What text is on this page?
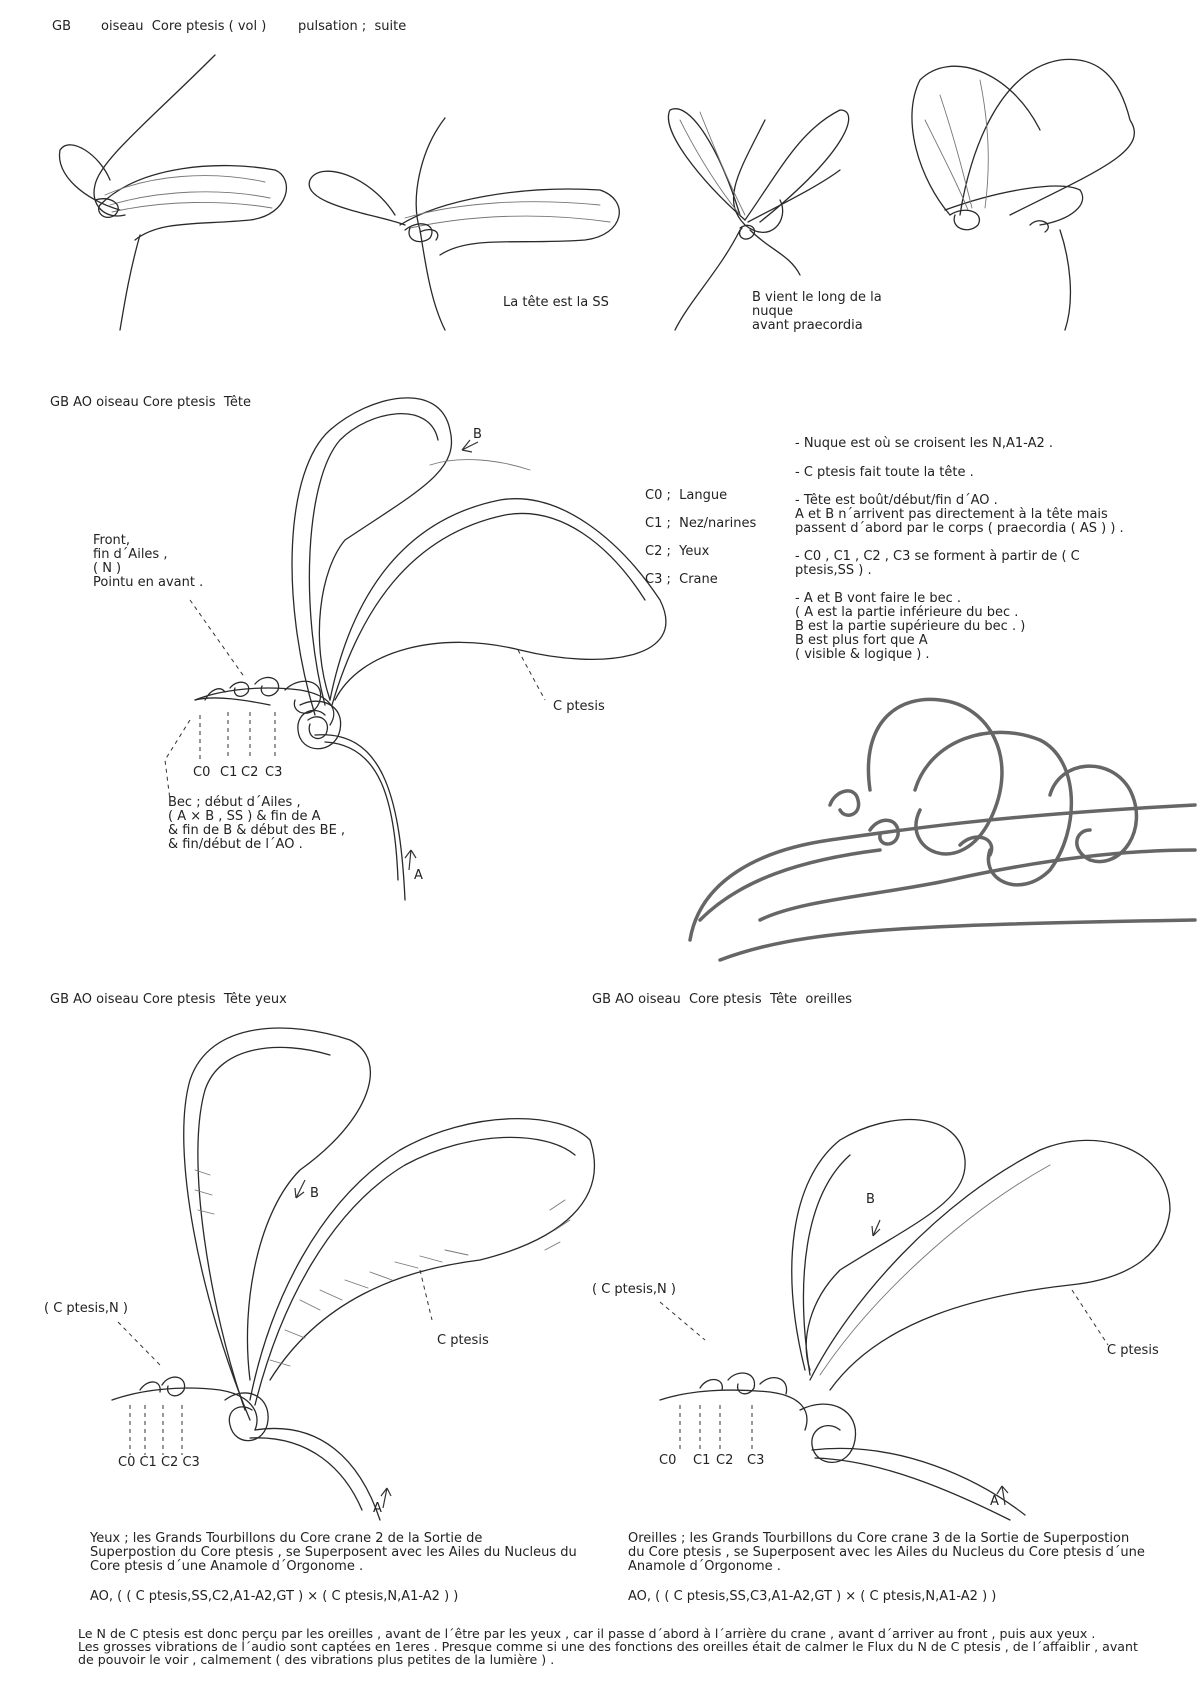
GB oiseau  Core ptesis ( vol ) pulsation ;  suite
La tête est la SS	B vient le long de la
nuque
avant praecordia
GB AO oiseau Core ptesis  Tête
Front,
fin d´Ailes ,
( N )
Pointu en avant .
B
C ptesis
C0 C1 C2 C3
Bec ; début d´Ailes ,
( A × B , SS ) & fin de A
& fin de B & début des BE ,
& fin/début de l´AO .
A
C0 ;  Langue
C1 ;  Nez/narines
C2 ;  Yeux
C3 ;  Crane
- Nuque est où se croisent les N,A1-A2 .
- C ptesis fait toute la tête .
- Tête est boût/début/fin d´AO .
A et B n´arrivent pas directement à la tête mais
passent d´abord par le corps ( praecordia ( AS ) ) .
- C0 , C1 , C2 , C3 se forment à partir de ( C
ptesis,SS ) .
- A et B vont faire le bec .
( A est la partie inférieure du bec .
B est la partie supérieure du bec . )
B est plus fort que A
( visible & logique ) .
GB AO oiseau Core ptesis  Tête yeux
( C ptesis,N )
B
C ptesis
C0 C1 C2 C3
A
Yeux ; les Grands Tourbillons du Core crane 2 de la Sortie de
Superpostion du Core ptesis , se Superposent avec les Ailes du Nucleus du
Core ptesis d´une Anamole d´Orgonome .
AO, ( ( C ptesis,SS,C2,A1-A2,GT ) × ( C ptesis,N,A1-A2 ) )
GB AO oiseau  Core ptesis  Tête  oreilles
( C ptesis,N )
B
C ptesis
C0 C1 C2 C3
A
Oreilles ; les Grands Tourbillons du Core crane 3 de la Sortie de Superpostion
du Core ptesis , se Superposent avec les Ailes du Nucleus du Core ptesis d´une
Anamole d´Orgonome .
AO, ( ( C ptesis,SS,C3,A1-A2,GT ) × ( C ptesis,N,A1-A2 ) )
Le N de C ptesis est donc perçu par les oreilles , avant de l´être par les yeux , car il passe d´abord à l´arrière du crane , avant d´arriver au front , puis aux yeux .
Les grosses vibrations de l´audio sont captées en 1eres . Presque comme si une des fonctions des oreilles était de calmer le Flux du N de C ptesis , de l´affaiblir , avant
de pouvoir le voir , calmement ( des vibrations plus petites de la lumière ) .
